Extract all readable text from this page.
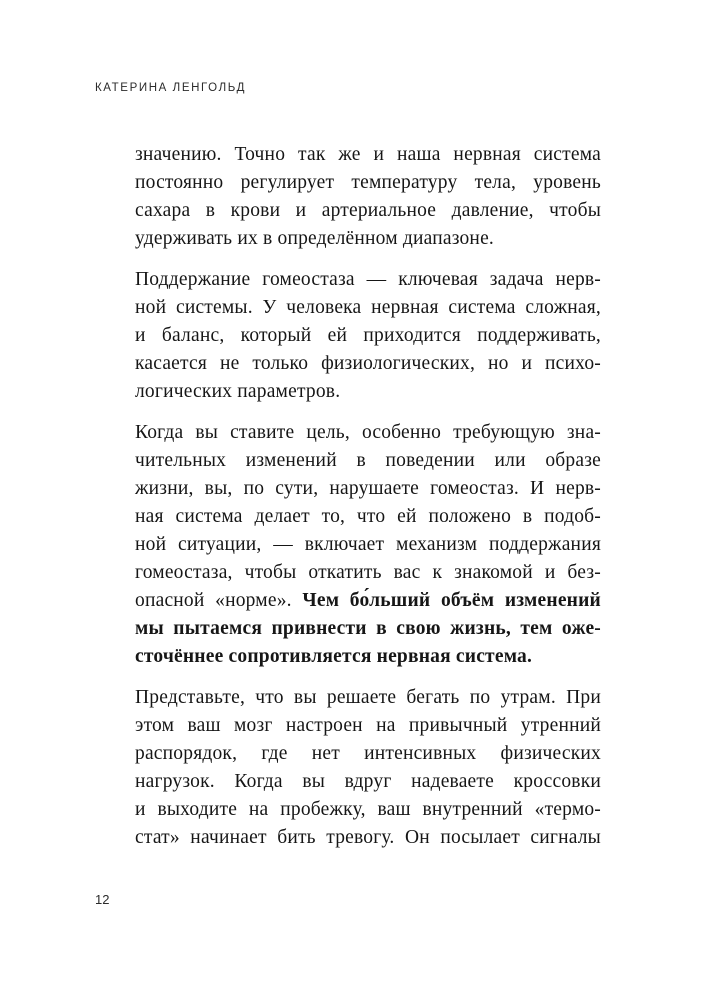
КАТЕРИНА ЛЕНГОЛЬД
значению. Точно так же и наша нервная система
постоянно регулирует температуру тела, уровень
сахара в крови и артериальное давление, чтобы
удерживать их в определённом диапазоне.
Поддержание гомеостаза — ключевая задача нерв-
ной системы. У человека нервная система сложная,
и баланс, который ей приходится поддерживать,
касается не только физиологических, но и психо-
логических параметров.
Когда вы ставите цель, особенно требующую зна-
чительных изменений в поведении или образе
жизни, вы, по сути, нарушаете гомеостаз. И нерв-
ная система делает то, что ей положено в подоб-
ной ситуации, — включает механизм поддержания
гомеостаза, чтобы откатить вас к знакомой и без-
опасной «норме». Чем бо́льший объём изменений
мы пытаемся привнести в свою жизнь, тем оже-
сточённее сопротивляется нервная система.
Представьте, что вы решаете бегать по утрам. При
этом ваш мозг настроен на привычный утренний
распорядок, где нет интенсивных физических
нагрузок. Когда вы вдруг надеваете кроссовки
и выходите на пробежку, ваш внутренний «термо-
стат» начинает бить тревогу. Он посылает сигналы
12
